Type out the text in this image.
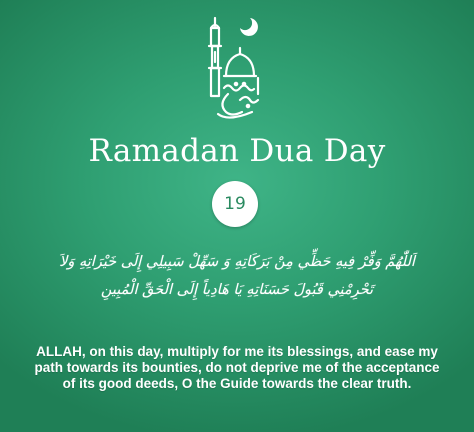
Ramadan Dua Day
19
اَللّٰهُمَّ وَفِّرْ فِيهِ حَظِّي مِنْ بَرَكَاتِهِ وَ سَهِّلْ سَبِيلِي إِلَى خَيْرَاتِهِ وَلاَ
تَحْرِمْنِي قَبُولَ حَسَنَاتِهِ يَا هَادِياً إِلَى الْحَقِّ الْمُبِينِ
ALLAH, on this day, multiply for me its blessings, and ease my path towards its bounties, do not deprive me of the acceptance of its good deeds, O the Guide towards the clear truth.
